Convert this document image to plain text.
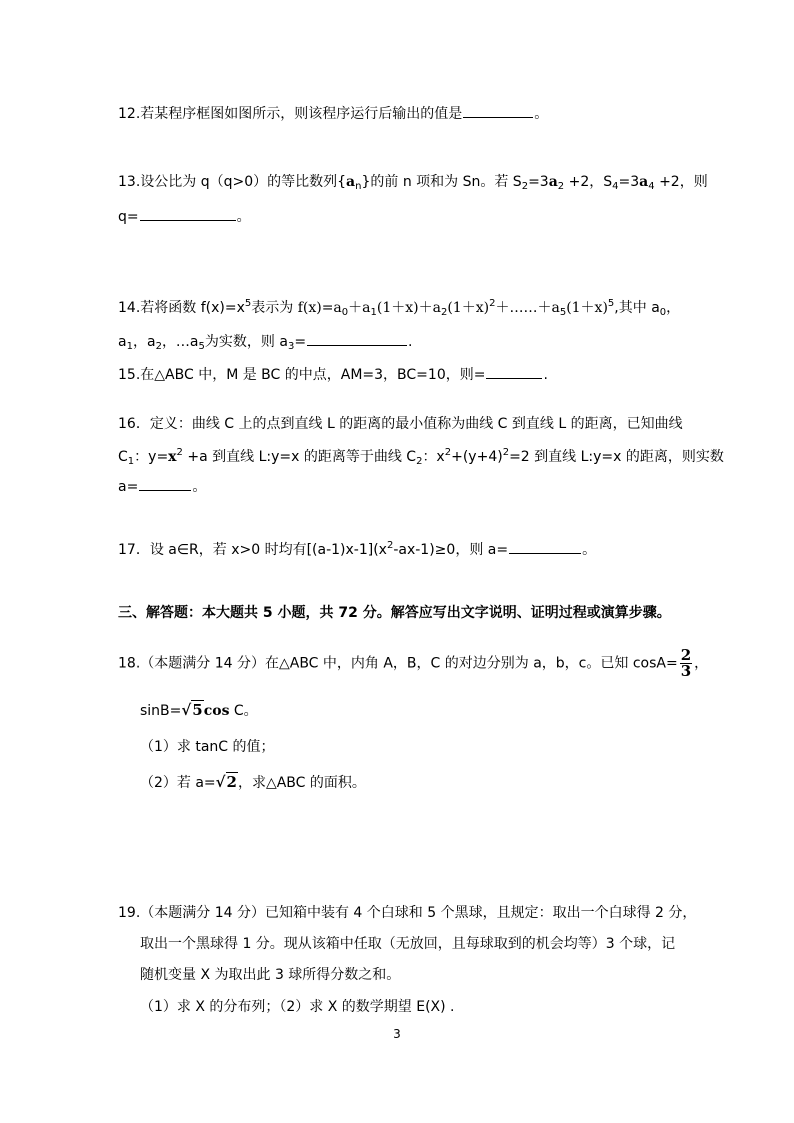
12.若某程序框图如图所示，则该程序运行后输出的值是	。
13.设公比为 q（q>0）的等比数列$\{a_n\}$的前 n 项和为 Sn。若 $S_2=3a_2 +2$，$S_4=3a_4 +2$，则
q=	。
14.若将函数 $f(x)=x^5$表示为 $f(x)=a_0+a_1(1+x)+a_2(1+x)^2+\dots\dots+a_5(1+x)^5$,其中 $a_0$，
$a_1$，$a_2$，$\dots a_5$为实数，则 $a_3=$	.
15.在△ABC 中，M 是 BC 的中点，AM=3，BC=10，则=	.
16．定义：曲线 C 上的点到直线 L 的距离的最小值称为曲线 C 到直线 L 的距离，已知曲线
$C_1$：$y=x^2 +a$ 到直线 L:y=x 的距离等于曲线 $C_2$：$x^2+(y+4)^2=2$ 到直线 L:y=x 的距离，则实数
a=	。
17．设 a∈R，若 x>0 时均有$[(a-1)x-1](x^2-ax-1)\ge 0$，则 a=	。
三、解答题：本大题共 5 小题，共 72 分。解答应写出文字说明、证明过程或演算步骤。
18.（本题满分 14 分）在△ABC 中，内角 A，B，C 的对边分别为 a，b，c。已知 $\cos A= \frac{2}{3}$ ，
sinB=√5cos C。
（1）求 tanC 的值；
（2）若 a=√2，求△ABC 的面积。
19.（本题满分 14 分）已知箱中装有 4 个白球和 5 个黑球，且规定：取出一个白球得 2 分，
取出一个黑球得 1 分。现从该箱中任取（无放回，且每球取到的机会均等）3 个球，记
随机变量 X 为取出此 3 球所得分数之和。
（1）求 X 的分布列；（2）求 X 的数学期望 E(X) .
3
